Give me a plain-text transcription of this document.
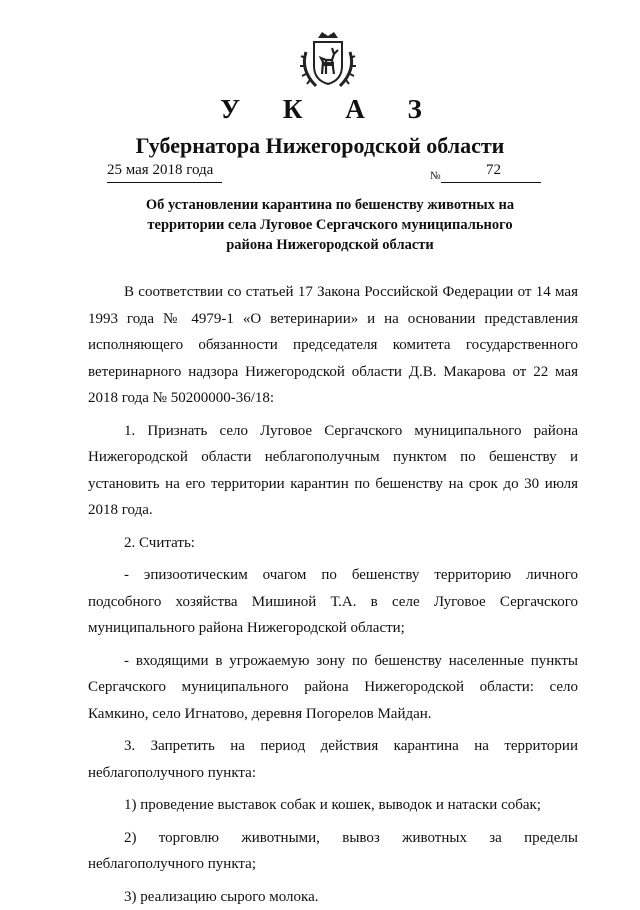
У К А З
Губернатора Нижегородской области
25 мая 2018 года	№	72
Об установлении карантина по бешенству животных на
территории села Луговое Сергачского муниципального
района Нижегородской области

В соответствии со статьей 17 Закона Российской Федерации от 14 мая 1993 года № 4979-1 «О ветеринарии» и на основании представления исполняющего обязанности председателя комитета государственного ветеринарного надзора Нижегородской области Д.В. Макарова от 22 мая 2018 года № 50200000-36/18:

1. Признать село Луговое Сергачского муниципального района Нижегородской области неблагополучным пунктом по бешенству и установить на его территории карантин по бешенству на срок до 30 июля 2018 года.

2. Считать:

- эпизоотическим очагом по бешенству территорию личного подсобного хозяйства Мишиной Т.А. в селе Луговое Сергачского муниципального района Нижегородской области;

- входящими в угрожаемую зону по бешенству населенные пункты Сергачского муниципального района Нижегородской области: село Камкино, село Игнатово, деревня Погорелов Майдан.

3. Запретить на период действия карантина на территории неблагополучного пункта:

1) проведение выставок собак и кошек, выводок и натаски собак;

2) торговлю животными, вывоз животных за пределы неблагополучного пункта;

3) реализацию сырого молока.
